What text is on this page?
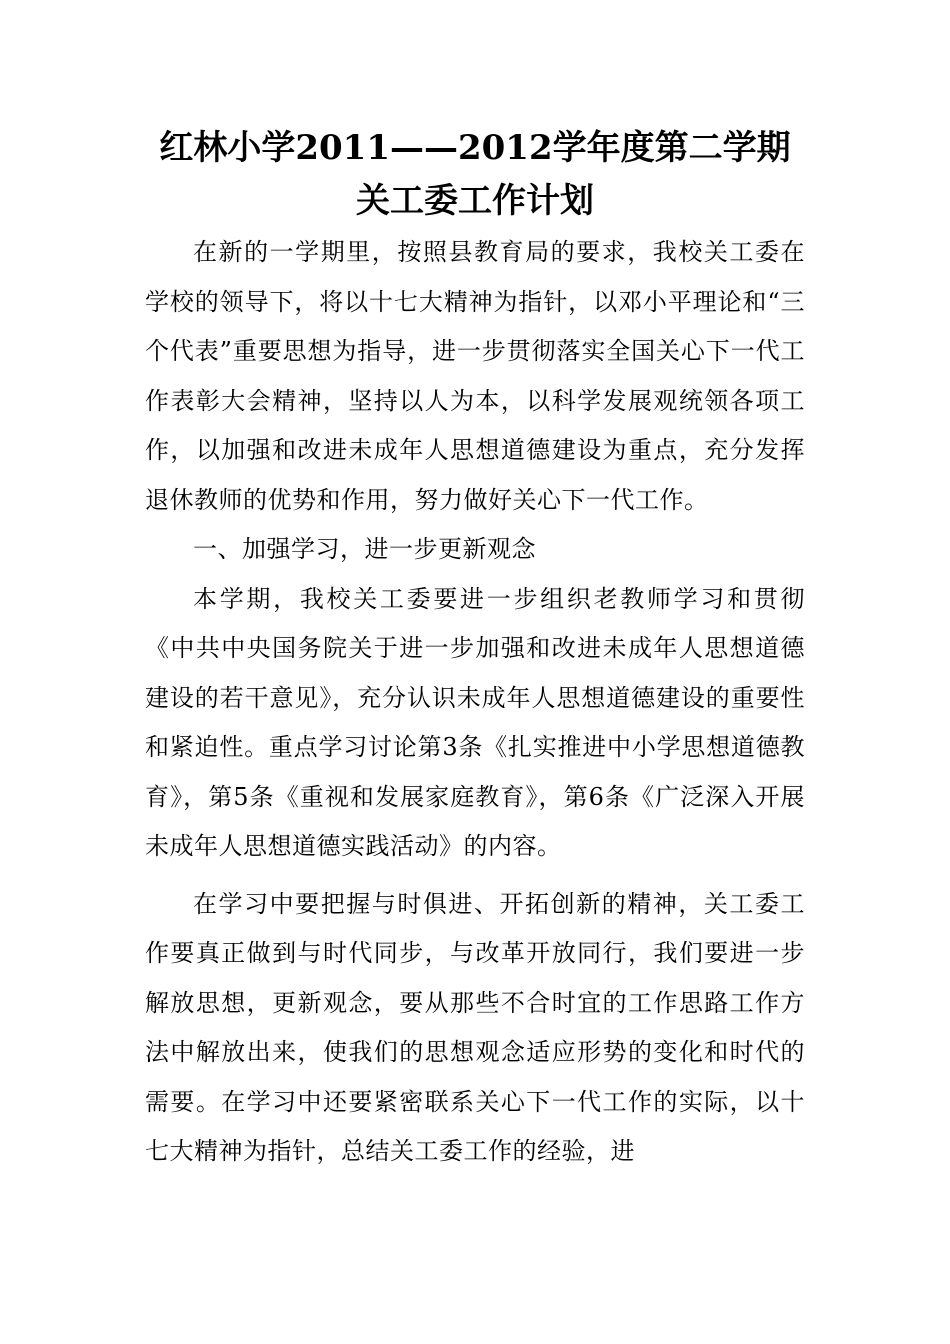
红林小学2011——2012学年度第二学期
关工委工作计划

在新的一学期里，按照县教育局的要求，我校关工委在学校的领导下，将以十七大精神为指针，以邓小平理论和“三个代表”重要思想为指导，进一步贯彻落实全国关心下一代工作表彰大会精神，坚持以人为本，以科学发展观统领各项工作，以加强和改进未成年人思想道德建设为重点，充分发挥退休教师的优势和作用，努力做好关心下一代工作。

一、加强学习，进一步更新观念

本学期，我校关工委要进一步组织老教师学习和贯彻《中共中央国务院关于进一步加强和改进未成年人思想道德建设的若干意见》，充分认识未成年人思想道德建设的重要性和紧迫性。重点学习讨论第3条《扎实推进中小学思想道德教育》，第5条《重视和发展家庭教育》，第6条《广泛深入开展未成年人思想道德实践活动》的内容。

在学习中要把握与时俱进、开拓创新的精神，关工委工作要真正做到与时代同步，与改革开放同行，我们要进一步解放思想，更新观念，要从那些不合时宜的工作思路工作方法中解放出来，使我们的思想观念适应形势的变化和时代的需要。在学习中还要紧密联系关心下一代工作的实际，以十七大精神为指针，总结关工委工作的经验，进
